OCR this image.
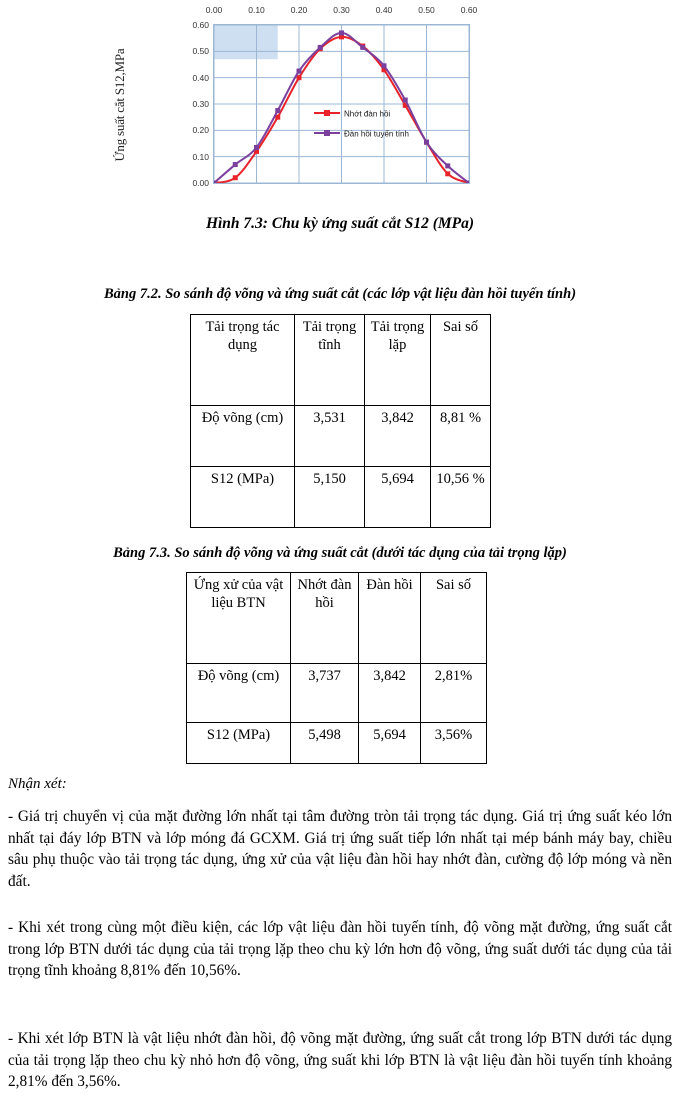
Ứng suất cắt S12,MPa
0.00	0.10	0.20	0.30	0.40	0.50	0.60
0.00
0.10
0.20
0.30
0.40
0.50
0.60
Nhớt đàn hồi
Đàn hồi tuyến tính
Hình 7.3: Chu kỳ ứng suất cắt S12 (MPa)
Bảng 7.2. So sánh độ võng và ứng suất cắt (các lớp vật liệu đàn hồi tuyến tính)
Tải trọng tác dụng	Tải trọng tĩnh	Tải trọng lặp	Sai số
Độ võng (cm)	3,531	3,842	8,81 %
S12 (MPa)	5,150	5,694	10,56 %
Bảng 7.3. So sánh độ võng và ứng suất cắt (dưới tác dụng của tải trọng lặp)
Ứng xử của vật liệu BTN	Nhớt đàn hồi	Đàn hồi	Sai số
Độ võng (cm)	3,737	3,842	2,81%
S12 (MPa)	5,498	5,694	3,56%
Nhận xét:
- Giá trị chuyển vị của mặt đường lớn nhất tại tâm đường tròn tải trọng tác dụng. Giá trị ứng suất kéo lớn nhất tại đáy lớp BTN và lớp móng đá GCXM. Giá trị ứng suất tiếp lớn nhất tại mép bánh máy bay, chiều sâu phụ thuộc vào tải trọng tác dụng, ứng xử của vật liệu đàn hồi hay nhớt đàn, cường độ lớp móng và nền đất.
- Khi xét trong cùng một điều kiện, các lớp vật liệu đàn hồi tuyến tính, độ võng mặt đường, ứng suất cắt trong lớp BTN dưới tác dụng của tải trọng lặp theo chu kỳ lớn hơn độ võng, ứng suất dưới tác dụng của tải trọng tĩnh khoảng 8,81% đến 10,56%.
- Khi xét lớp BTN là vật liệu nhớt đàn hồi, độ võng mặt đường, ứng suất cắt trong lớp BTN dưới tác dụng của tải trọng lặp theo chu kỳ nhỏ hơn độ võng, ứng suất khi lớp BTN là vật liệu đàn hồi tuyến tính khoảng 2,81% đến 3,56%.
